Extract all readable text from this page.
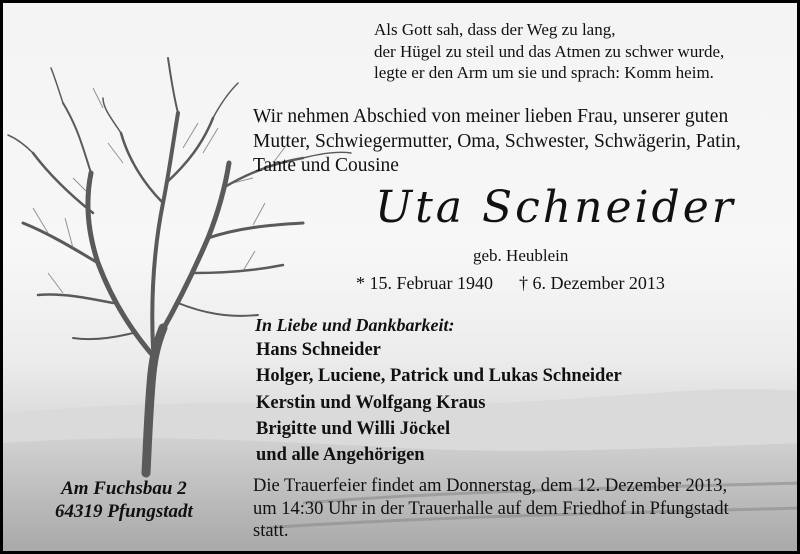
Als Gott sah, dass der Weg zu lang,
der Hügel zu steil und das Atmen zu schwer wurde,
legte er den Arm um sie und sprach: Komm heim.
Wir nehmen Abschied von meiner lieben Frau, unserer guten
Mutter, Schwiegermutter, Oma, Schwester, Schwägerin, Patin,
Tante und Cousine
Uta Schneider
geb. Heublein
* 15. Februar 1940 † 6. Dezember 2013
In Liebe und Dankbarkeit:
Hans Schneider
Holger, Luciene, Patrick und Lukas Schneider
Kerstin und Wolfgang Kraus
Brigitte und Willi Jöckel
und alle Angehörigen
Am Fuchsbau 2
64319 Pfungstadt
Die Trauerfeier findet am Donnerstag, dem 12. Dezember 2013,
um 14:30 Uhr in der Trauerhalle auf dem Friedhof in Pfungstadt
statt.
